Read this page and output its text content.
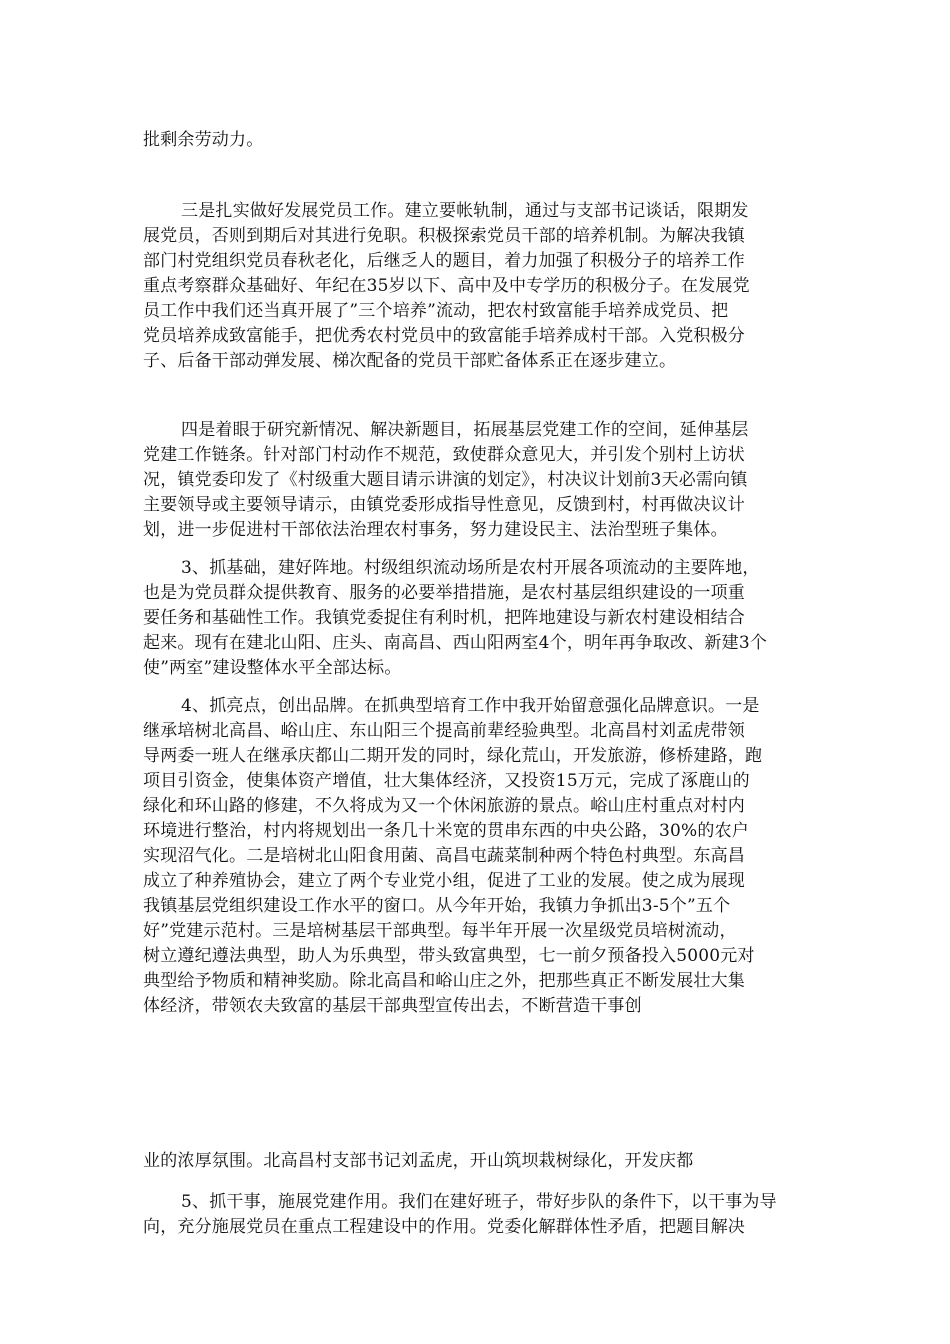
批剩余劳动力。
三是扎实做好发展党员工作。建立要帐轨制，通过与支部书记谈话，限期发
展党员，否则到期后对其进行免职。积极探索党员干部的培养机制。为解决我镇
部门村党组织党员春秋老化，后继乏人的题目，着力加强了积极分子的培养工作
重点考察群众基础好、年纪在35岁以下、高中及中专学历的积极分子。在发展党
员工作中我们还当真开展了”三个培养”流动，把农村致富能手培养成党员、把
党员培养成致富能手，把优秀农村党员中的致富能手培养成村干部。入党积极分
子、后备干部动弹发展、梯次配备的党员干部贮备体系正在逐步建立。
四是着眼于研究新情况、解决新题目，拓展基层党建工作的空间，延伸基层
党建工作链条。针对部门村动作不规范，致使群众意见大，并引发个别村上访状
况，镇党委印发了《村级重大题目请示讲演的划定》，村决议计划前3天必需向镇
主要领导或主要领导请示，由镇党委形成指导性意见，反馈到村，村再做决议计
划，进一步促进村干部依法治理农村事务，努力建设民主、法治型班子集体。
3、抓基础，建好阵地。村级组织流动场所是农村开展各项流动的主要阵地，
也是为党员群众提供教育、服务的必要举措措施，是农村基层组织建设的一项重
要任务和基础性工作。我镇党委捉住有利时机，把阵地建设与新农村建设相结合
起来。现有在建北山阳、庄头、南高昌、西山阳两室4个，明年再争取改、新建3个
使”两室”建设整体水平全部达标。
4、抓亮点，创出品牌。在抓典型培育工作中我开始留意强化品牌意识。一是
继承培树北高昌、峪山庄、东山阳三个提高前辈经验典型。北高昌村刘孟虎带领
导两委一班人在继承庆都山二期开发的同时，绿化荒山，开发旅游，修桥建路，跑
项目引资金，使集体资产增值，壮大集体经济，又投资15万元，完成了涿鹿山的
绿化和环山路的修建，不久将成为又一个休闲旅游的景点。峪山庄村重点对村内
环境进行整治，村内将规划出一条几十米宽的贯串东西的中央公路，30%的农户
实现沼气化。二是培树北山阳食用菌、高昌屯蔬菜制种两个特色村典型。东高昌
成立了种养殖协会，建立了两个专业党小组，促进了工业的发展。使之成为展现
我镇基层党组织建设工作水平的窗口。从今年开始，我镇力争抓出3-5个”五个
好”党建示范村。三是培树基层干部典型。每半年开展一次星级党员培树流动，
树立遵纪遵法典型，助人为乐典型，带头致富典型，七一前夕预备投入5000元对
典型给予物质和精神奖励。除北高昌和峪山庄之外，把那些真正不断发展壮大集
体经济，带领农夫致富的基层干部典型宣传出去，不断营造干事创
业的浓厚氛围。北高昌村支部书记刘孟虎，开山筑坝栽树绿化，开发庆都
5、抓干事，施展党建作用。我们在建好班子，带好步队的条件下，以干事为导
向，充分施展党员在重点工程建设中的作用。党委化解群体性矛盾，把题目解决
